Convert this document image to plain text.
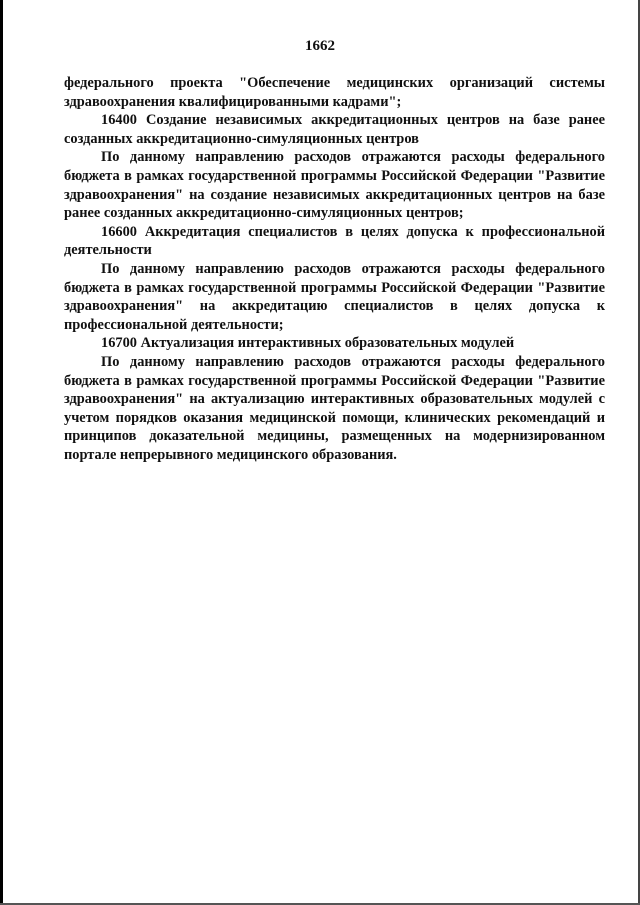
1662

федерального проекта "Обеспечение медицинских организаций системы здравоохранения квалифицированными кадрами";

16400 Создание независимых аккредитационных центров на базе ранее созданных аккредитационно-симуляционных центров

По данному направлению расходов отражаются расходы федерального бюджета в рамках государственной программы Российской Федерации "Развитие здравоохранения" на создание независимых аккредитационных центров на базе ранее созданных аккредитационно-симуляционных центров;

16600 Аккредитация специалистов в целях допуска к профессиональной деятельности

По данному направлению расходов отражаются расходы федерального бюджета в рамках государственной программы Российской Федерации "Развитие здравоохранения" на аккредитацию специалистов в целях допуска к профессиональной деятельности;

16700 Актуализация интерактивных образовательных модулей

По данному направлению расходов отражаются расходы федерального бюджета в рамках государственной программы Российской Федерации "Развитие здравоохранения" на актуализацию интерактивных образовательных модулей с учетом порядков оказания медицинской помощи, клинических рекомендаций и принципов доказательной медицины, размещенных на модернизированном портале непрерывного медицинского образования.
